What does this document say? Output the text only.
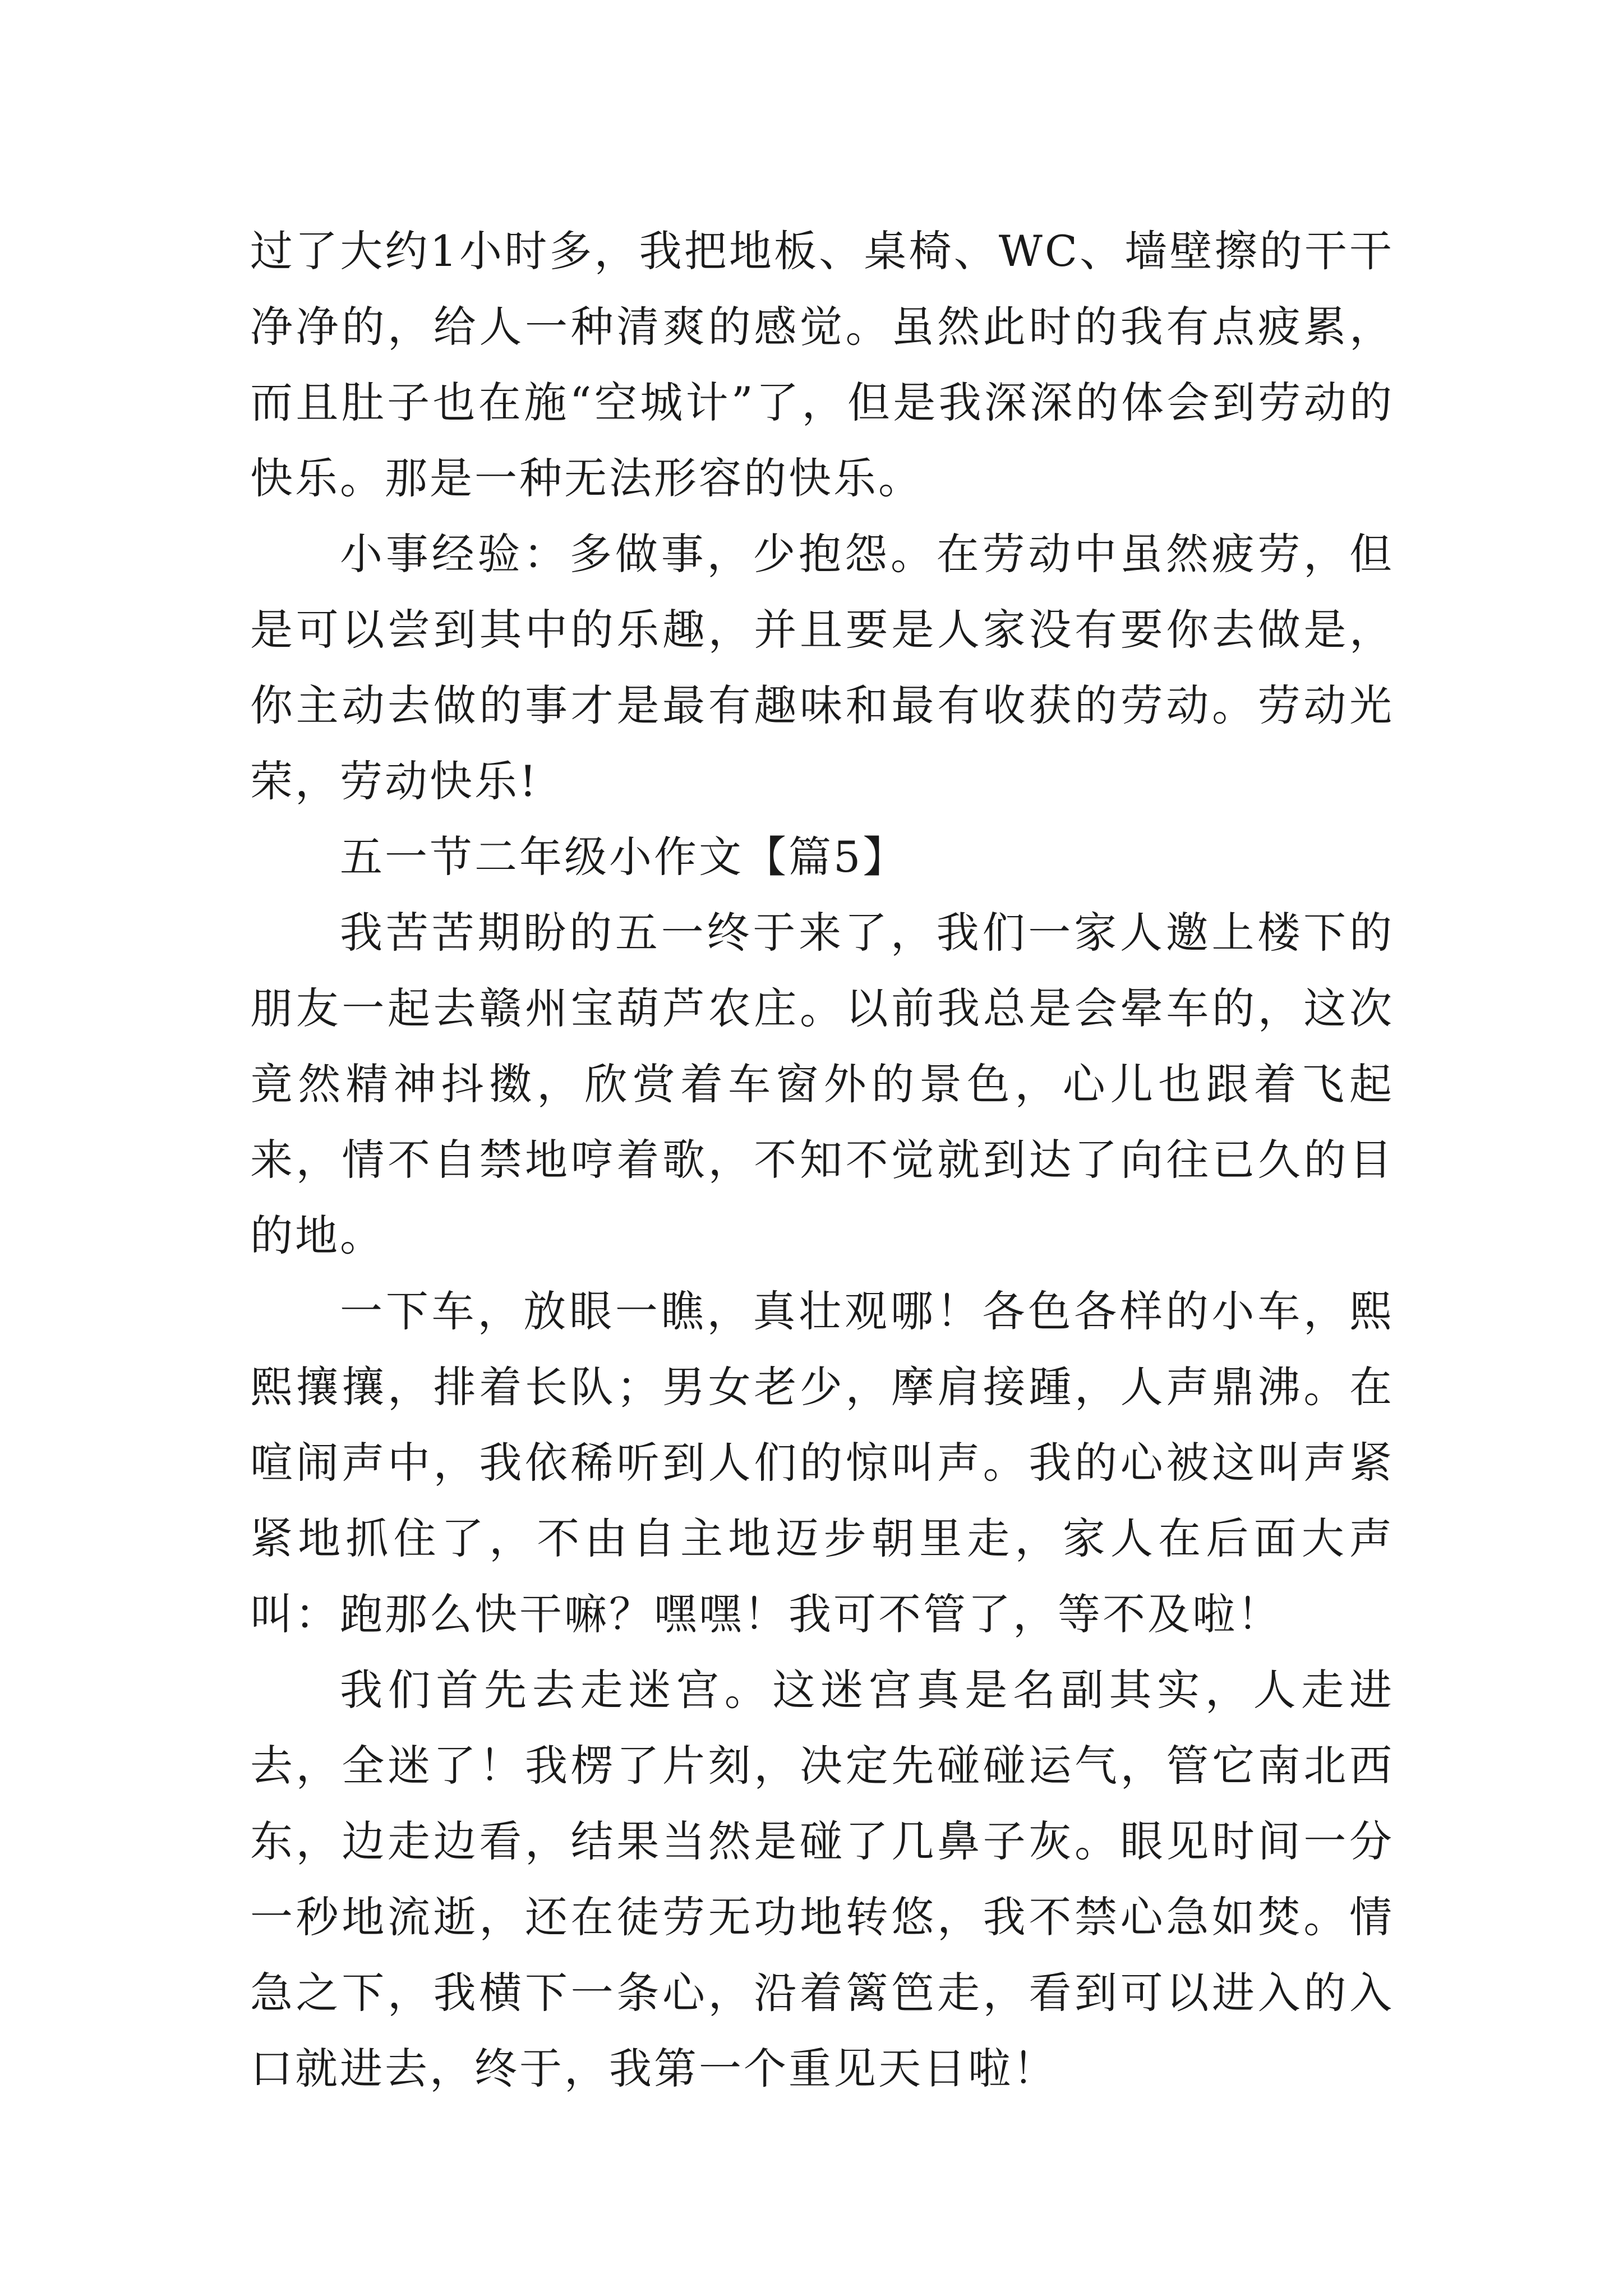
过了大约1小时多，我把地板、桌椅、WC、墙壁擦的干干净净的，给人一种清爽的感觉。虽然此时的我有点疲累，而且肚子也在施“空城计”了，但是我深深的体会到劳动的快乐。那是一种无法形容的快乐。

小事经验：多做事，少抱怨。在劳动中虽然疲劳，但是可以尝到其中的乐趣，并且要是人家没有要你去做是，你主动去做的事才是最有趣味和最有收获的劳动。劳动光荣，劳动快乐!

五一节二年级小作文【篇5】

我苦苦期盼的五一终于来了，我们一家人邀上楼下的朋友一起去赣州宝葫芦农庄。以前我总是会晕车的，这次竟然精神抖擞，欣赏着车窗外的景色，心儿也跟着飞起来，情不自禁地哼着歌，不知不觉就到达了向往已久的目的地。

一下车，放眼一瞧，真壮观哪！各色各样的小车，熙熙攘攘，排着长队；男女老少，摩肩接踵，人声鼎沸。在喧闹声中，我依稀听到人们的惊叫声。我的心被这叫声紧紧地抓住了，不由自主地迈步朝里走，家人在后面大声叫：跑那么快干嘛？嘿嘿！我可不管了，等不及啦！

我们首先去走迷宫。这迷宫真是名副其实，人走进去，全迷了！我楞了片刻，决定先碰碰运气，管它南北西东，边走边看，结果当然是碰了几鼻子灰。眼见时间一分一秒地流逝，还在徒劳无功地转悠，我不禁心急如焚。情急之下，我横下一条心，沿着篱笆走，看到可以进入的入口就进去，终于，我第一个重见天日啦！
